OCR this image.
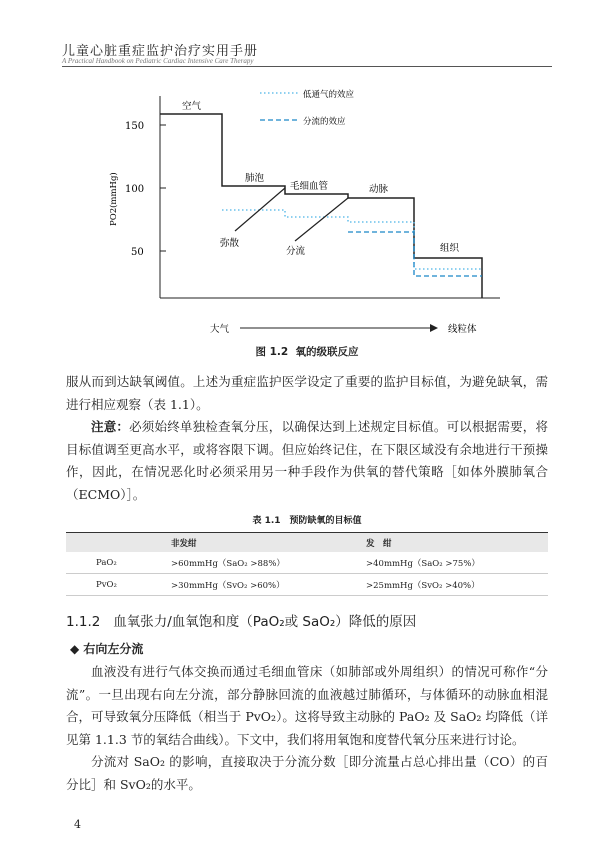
儿童心脏重症监护治疗实用手册
A Practical Handbook on Pediatric Cardiac Intensive Care Therapy
150
100
50
PO2(mmHg)
空气
肺泡
毛细血管	动脉
组织
弥散
分流
低通气的效应
分流的效应
大气	线粒体
图 1.2 氧的级联反应
服从而到达缺氧阈值。上述为重症监护医学设定了重要的监护目标值，为避免缺氧，需进行相应观察（表 1.1）。
注意：必须始终单独检查氧分压，以确保达到上述规定目标值。可以根据需要，将目标值调至更高水平，或将容限下调。但应始终记住，在下限区域没有余地进行干预操作，因此，在情况恶化时必须采用另一种手段作为供氧的替代策略［如体外膜肺氧合（ECMO）］。
表 1.1　预防缺氧的目标值
	非发绀	发　绀
PaO₂	>60mmHg（SaO₂ >88%）	>40mmHg（SaO₂ >75%）
PvO₂	>30mmHg（SvO₂ >60%）	>25mmHg（SvO₂ >40%）
1.1.2 血氧张力/血氧饱和度（PaO₂或 SaO₂）降低的原因
◆ 右向左分流
血液没有进行气体交换而通过毛细血管床（如肺部或外周组织）的情况可称作“分流”。一旦出现右向左分流，部分静脉回流的血液越过肺循环，与体循环的动脉血相混合，可导致氧分压降低（相当于 PvO₂）。这将导致主动脉的 PaO₂ 及 SaO₂ 均降低（详见第 1.1.3 节的氧结合曲线）。下文中，我们将用氧饱和度替代氧分压来进行讨论。
分流对 SaO₂ 的影响，直接取决于分流分数［即分流量占总心排出量（CO）的百分比］和 SvO₂的水平。
4
